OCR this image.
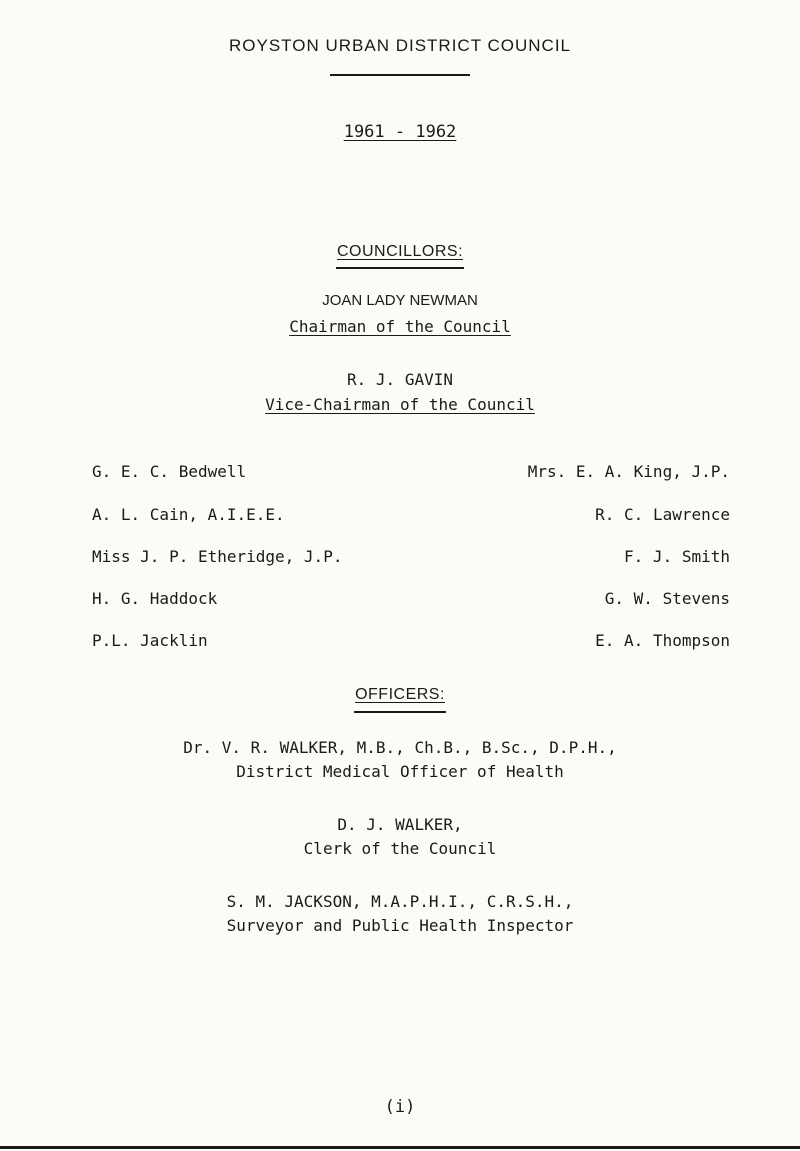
ROYSTON URBAN DISTRICT COUNCIL
1961 - 1962
COUNCILLORS:
JOAN LADY NEWMAN
Chairman of the Council
R. J. GAVIN
Vice-Chairman of the Council
G. E. C. Bedwell
A. L. Cain, A.I.E.E.
Miss J. P. Etheridge, J.P.
H. G. Haddock
P.L. Jacklin
Mrs. E. A. King, J.P.
R. C. Lawrence
F. J. Smith
G. W. Stevens
E. A. Thompson
OFFICERS:
Dr. V. R. WALKER, M.B., Ch.B., B.Sc., D.P.H.,
District Medical Officer of Health
D. J. WALKER,
Clerk of the Council
S. M. JACKSON, M.A.P.H.I., C.R.S.H.,
Surveyor and Public Health Inspector
(i)
